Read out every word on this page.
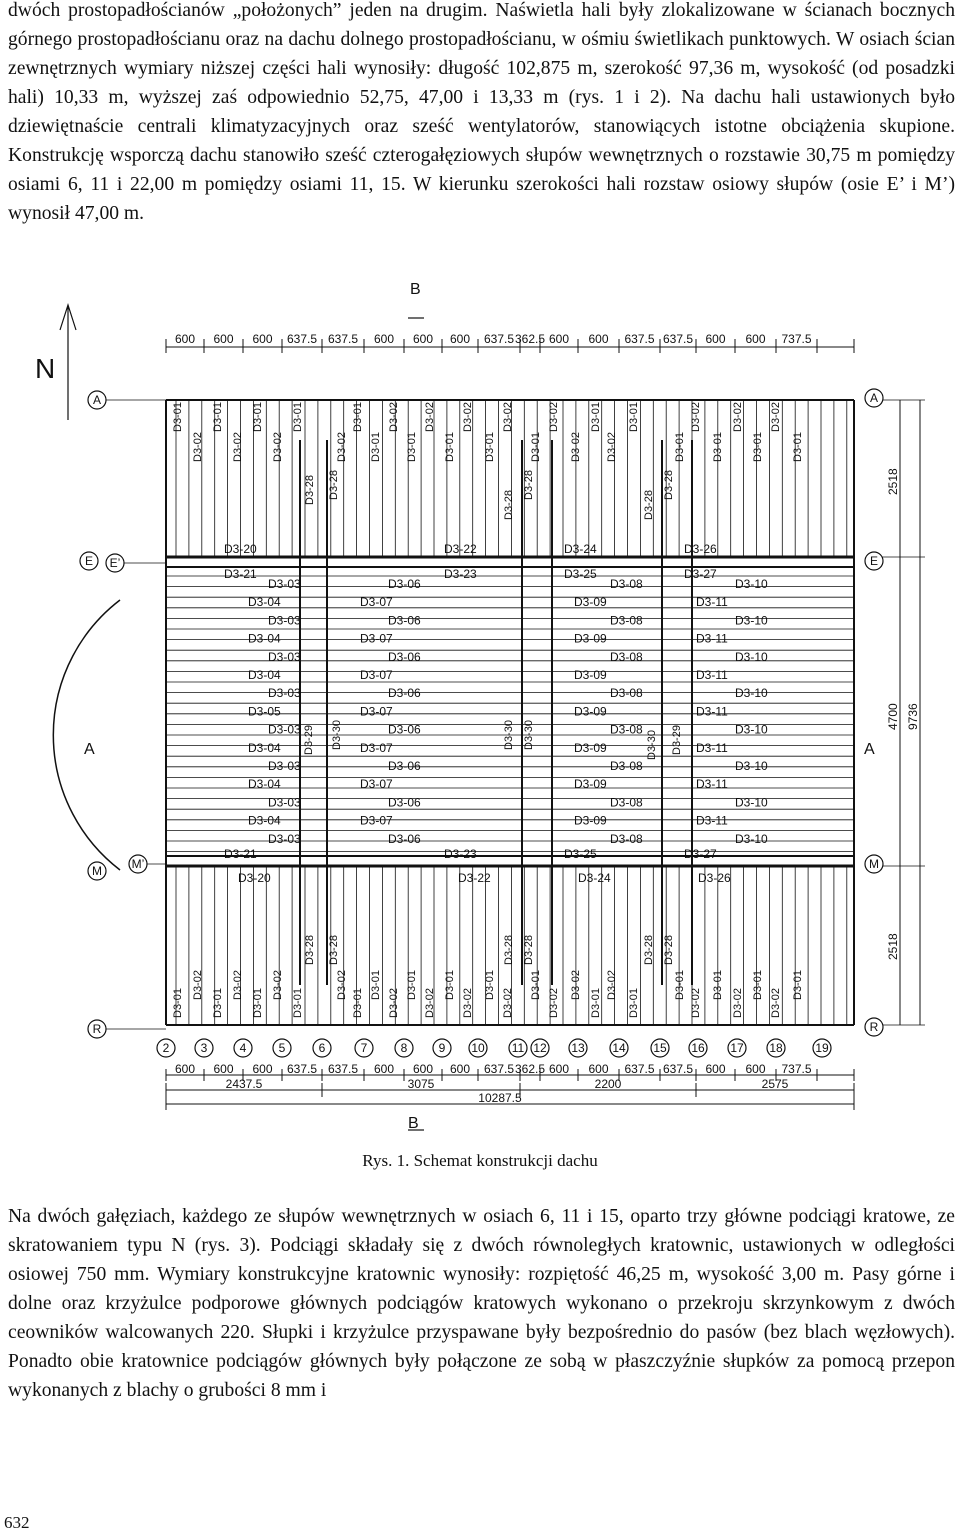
dwóch prostopadłościanów „położonych” jeden na drugim. Naświetla hali były zlokalizowane w ścianach bocznych górnego prostopadłościanu oraz na dachu dolnego prostopadłościanu, w ośmiu świetlikach punktowych. W osiach ścian zewnętrznych wymiary niższej części hali wynosiły: długość 102,875 m, szerokość 97,36 m, wysokość (od posadzki hali) 10,33 m, wyższej zaś odpowiednio 52,75, 47,00 i 13,33 m (rys. 1 i 2). Na dachu hali ustawionych było dziewiętnaście centrali klimatyzacyjnych oraz sześć wentylatorów, stanowiących istotne obciążenia skupione. Konstrukcję wsporczą dachu stanowiło sześć czterogałęziowych słupów wewnętrznych o rozstawie 30,75 m pomiędzy osiami 6, 11 i 22,00 m pomiędzy osiami 11, 15. W kierunku szerokości hali rozstaw osiowy słupów (osie E’ i M’) wynosił 47,00 m.

600 600 600 637.5 637.5 600 600 600 637.5 362.5 600 600 637.5 637.5 600 600 737.5
600 600 600 637.5 637.5 600 600 600 637.5 362.5 600 600 637.5 637.5 600 600 737.5
2437.5	3075	2200	2575
10287.5
2518
4700 9736
2518
A	A
E E’	E
M M’	M
R	R
2	3	4	5	6	7	8	9 10 11 12 13 14 15 16 17 18	19
N
B
B
A	A
D3-01
D3-02
D3-01
D3-02
D3-01
D3-02
D3-01
D3-02
D3-01
D3-01
D3-02
D3-01
D3-02
D3-01
D3-02
D3-01
D3-02
D3-01
D3-02
D3-02
D3-01
D3-02
D3-01
D3-01
D3-02
D3-01
D3-02
D3-01
D3-02
D3-01
D3-01
D3-02
D3-01
D3-02
D3-01
D3-02
D3-01
D3-02
D3-01
D3-01
D3-02
D3-01
D3-02
D3-01
D3-02
D3-01
D3-02
D3-01
D3-02
D3-02
D3-01
D3-02
D3-01
D3-01
D3-02
D3-01
D3-02
D3-01
D3-02
D3-01
D3-28 D3-28
D3-28
D3-28
D3-28
D3-28
D3-28 D3-28	D3-28 D3-28	D3-28 D3-28
D3-29	D3-29
D3-30	D3-30 D3-30	D3-30
D3-20	D3-22	D3-24	D3-26
D3-21	D3-23	D3-25	D3-27
D3-21	D3-23	D3-25	D3-27
D3-20	D3-22	D3-24	D3-26
D3-03	D3-06	D3-08	D3-10
D3-04	D3-07	D3-09	D3-11
D3-03	D3-06	D3-08	D3-10
D3-04	D3-07	D3-09	D3-11
D3-03	D3-06	D3-08	D3-10
D3-04	D3-07	D3-09	D3-11
D3-03	D3-06	D3-08	D3-10
D3-05	D3-07	D3-09	D3-11
D3-03	D3-06	D3-08	D3-10
D3-04	D3-07	D3-09	D3-11
D3-03	D3-06	D3-08	D3-10
D3-04	D3-07	D3-09	D3-11
D3-03	D3-06	D3-08	D3-10
D3-04	D3-07	D3-09	D3-11
D3-03	D3-06	D3-08	D3-10
Rys. 1. Schemat konstrukcji dachu

Na dwóch gałęziach, każdego ze słupów wewnętrznych w osiach 6, 11 i 15, oparto trzy główne podciągi kratowe, ze skratowaniem typu N (rys. 3). Podciągi składały się z dwóch równoległych kratownic, ustawionych w odległości osiowej 750 mm. Wymiary konstrukcyjne kratownic wynosiły: rozpiętość 46,25 m, wysokość 3,00 m. Pasy górne i dolne oraz krzyżulce podporowe głównych podciągów kratowych wykonano o przekroju skrzynkowym z dwóch ceowników walcowanych 220. Słupki i krzyżulce przyspawane były bezpośrednio do pasów (bez blach węzłowych). Ponadto obie kratownice podciągów głównych były połączone ze sobą w płaszczyźnie słupków za pomocą przepon wykonanych z blachy o grubości 8 mm i

632
